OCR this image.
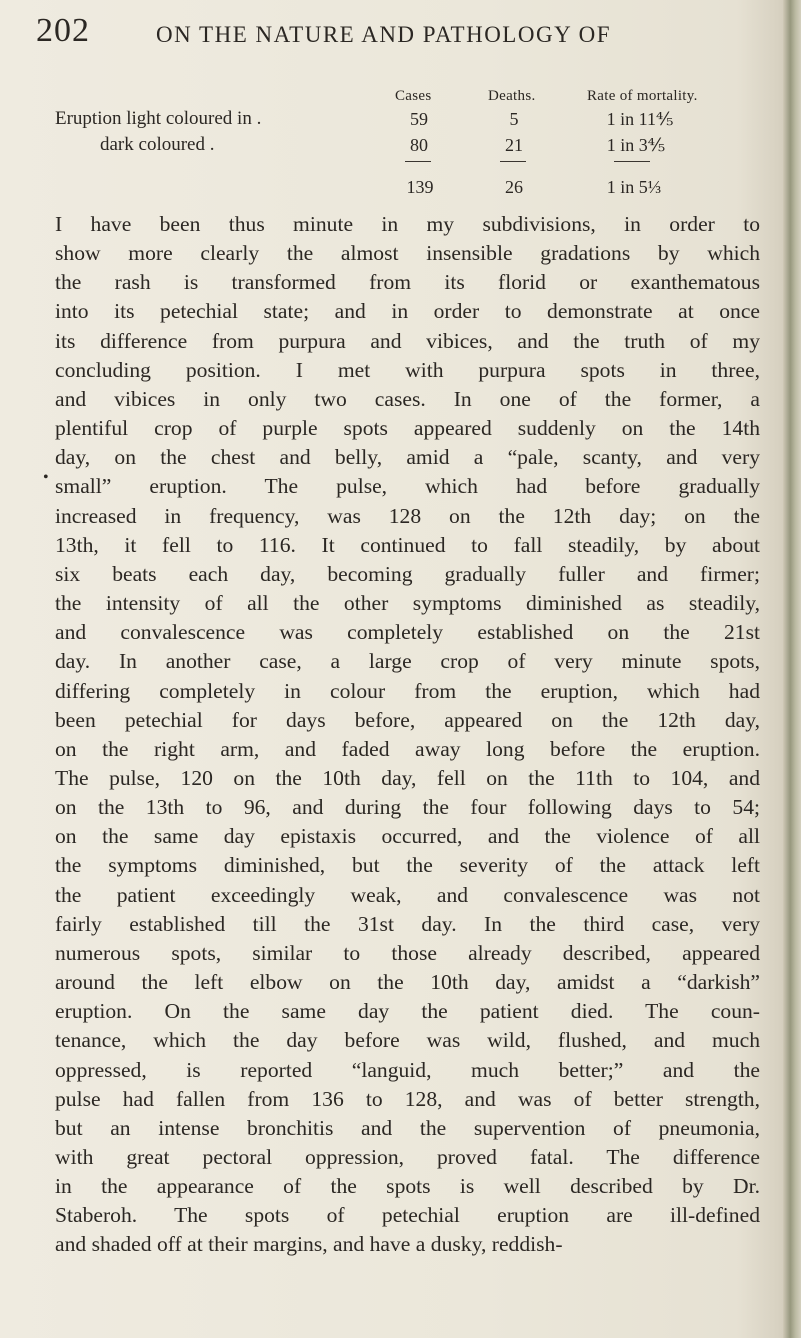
202	ON THE NATURE AND PATHOLOGY OF
Cases	Deaths.	Rate of mortality.
Eruption light coloured in .	59	5	1 in 11⅘
dark coloured .	80	21	1 in 3⅘
139	26	1 in 5⅓
•
I have been thus minute in my subdivisions, in order to
show more clearly the almost insensible gradations by which
the rash is transformed from its florid or exanthematous
into its petechial state; and in order to demonstrate at once
its difference from purpura and vibices, and the truth of my
concluding position. I met with purpura spots in three,
and vibices in only two cases. In one of the former, a
plentiful crop of purple spots appeared suddenly on the 14th
day, on the chest and belly, amid a “pale, scanty, and very
small” eruption. The pulse, which had before gradually
increased in frequency, was 128 on the 12th day; on the
13th, it fell to 116. It continued to fall steadily, by about
six beats each day, becoming gradually fuller and firmer;
the intensity of all the other symptoms diminished as steadily,
and convalescence was completely established on the 21st
day. In another case, a large crop of very minute spots,
differing completely in colour from the eruption, which had
been petechial for days before, appeared on the 12th day,
on the right arm, and faded away long before the eruption.
The pulse, 120 on the 10th day, fell on the 11th to 104, and
on the 13th to 96, and during the four following days to 54;
on the same day epistaxis occurred, and the violence of all
the symptoms diminished, but the severity of the attack left
the patient exceedingly weak, and convalescence was not
fairly established till the 31st day. In the third case, very
numerous spots, similar to those already described, appeared
around the left elbow on the 10th day, amidst a “darkish”
eruption. On the same day the patient died. The coun-
tenance, which the day before was wild, flushed, and much
oppressed, is reported “languid, much better;” and the
pulse had fallen from 136 to 128, and was of better strength,
but an intense bronchitis and the supervention of pneumonia,
with great pectoral oppression, proved fatal. The difference
in the appearance of the spots is well described by Dr.
Staberoh. The spots of petechial eruption are ill-defined
and shaded off at their margins, and have a dusky, reddish-
